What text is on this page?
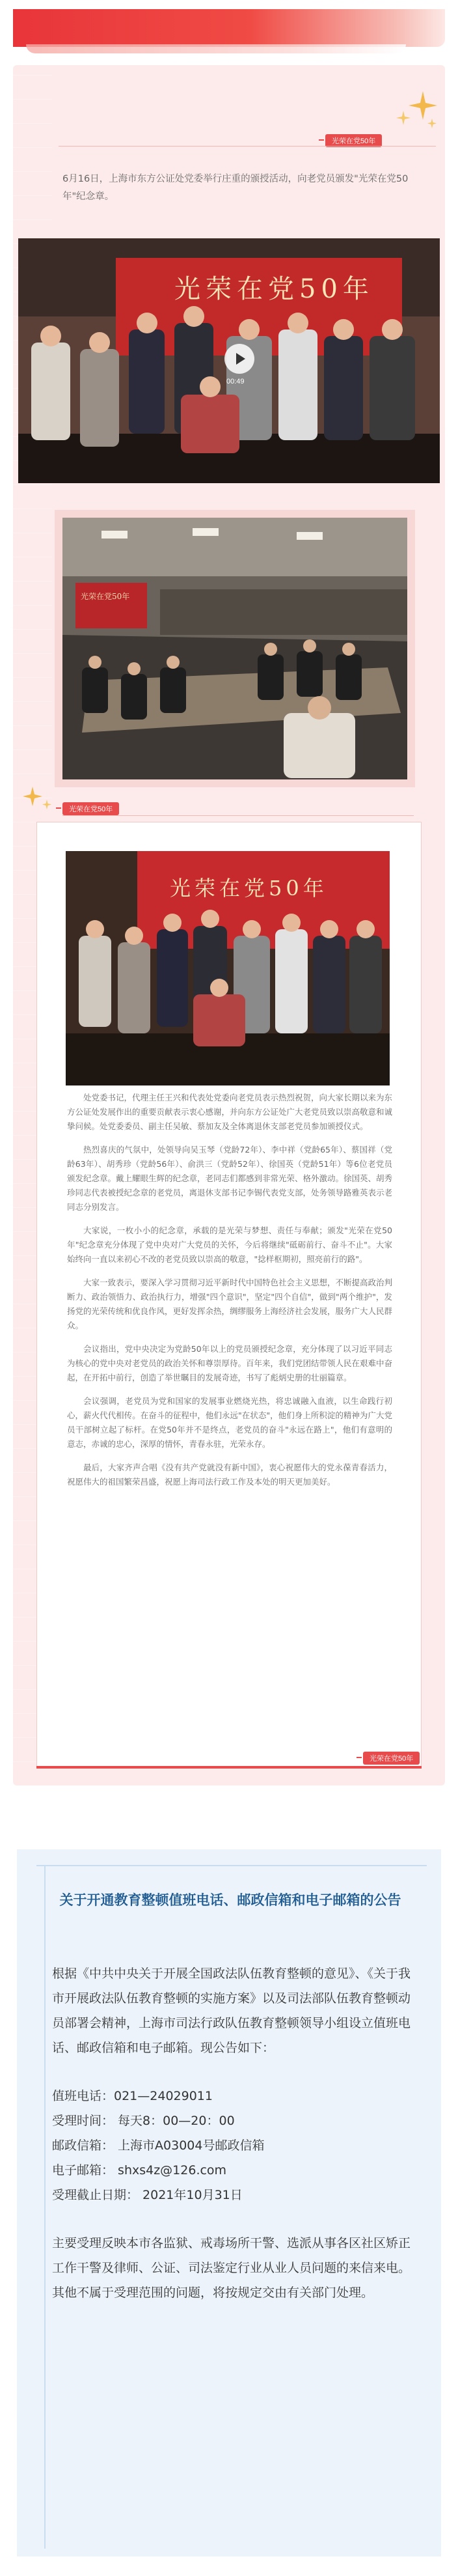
光荣在党50年
6月16日，上海市东方公证处党委举行庄重的颁授活动，向老党员颁发"光荣在党50年"纪念章。
光荣在党50年
00:49
光荣在党50年
光荣在党50年
光荣在党50年

处党委书记，代理主任王兴和代表处党委向老党员表示热烈祝贺，向大家长期以来为东方公证处发展作出的重要贡献表示衷心感谢，并向东方公证处广大老党员致以崇高敬意和诚挚问候。处党委委员、副主任吴敏、蔡加友及全体离退休支部老党员参加颁授仪式。

热烈喜庆的气氛中，处领导向吴玉琴（党龄72年）、李中祥（党龄65年）、蔡国祥（党龄63年）、胡秀珍（党龄56年）、俞洪三（党龄52年）、徐国英（党龄51年）等6位老党员颁发纪念章。戴上耀眼生辉的纪念章，老同志们都感到非常光荣、格外激动。徐国英、胡秀珍同志代表被授纪念章的老党员，离退休支部书记李锡代表党支部，处务领导路雅英表示老同志分别发言。

大家说，一枚小小的纪念章，承载的是光荣与梦想、责任与奉献；颁发"光荣在党50年"纪念章充分体现了党中央对广大党员的关怀，今后将继续"砥砺前行、奋斗不止"。大家始终向一直以来初心不改的老党员致以崇高的敬意，"捻样枢期初，照亮前行的路"。

大家一致表示，要深入学习贯彻习近平新时代中国特色社会主义思想，不断提高政治判断力、政治领悟力、政治执行力，增强"四个意识"，坚定"四个自信"，做到"两个维护"，发扬党的光荣传统和优良作风，更好发挥余热，绸缪服务上海经济社会发展，服务广大人民群众。

会议指出，党中央决定为党龄50年以上的党员颁授纪念章，充分体现了以习近平同志为核心的党中央对老党员的政治关怀和尊崇厚待。百年来，我们党团结带领人民在艰难中奋起，在开拓中前行，创造了举世瞩目的发展奇迹，书写了彪炳史册的壮丽篇章。

会议强调，老党员为党和国家的发展事业燃烧光热，将忠诚融入血液，以生命践行初心，薪火代代相传。在奋斗的征程中，他们永远"在状态"，他们身上所积淀的精神为广大党员干部树立起了标杆。在党50年并不是终点，老党员的奋斗"永远在路上"，他们有意明的意志，赤诚的忠心，深厚的情怀，青春永驻，光荣永存。

最后，大家齐声合唱《没有共产党就没有新中国》，衷心祝愿伟大的党永葆青春活力，祝愿伟大的祖国繁荣昌盛，祝愿上海司法行政工作及本处的明天更加美好。

光荣在党50年
关于开通教育整顿值班电话、邮政信箱和电子邮箱的公告

根据《中共中央关于开展全国政法队伍教育整顿的意见》、《关于我市开展政法队伍教育整顿的实施方案》以及司法部队伍教育整顿动员部署会精神，上海市司法行政队伍教育整顿领导小组设立值班电话、邮政信箱和电子邮箱。现公告如下：

值班电话：021—24029011
受理时间： 每天8：00—20：00
邮政信箱： 上海市A03004号邮政信箱
电子邮箱： shxs4z@126.com
受理截止日期： 2021年10月31日

主要受理反映本市各监狱、戒毒场所干警、选派从事各区社区矫正工作干警及律师、公证、司法鉴定行业从业人员问题的来信来电。其他不属于受理范围的问题，将按规定交由有关部门处理。
